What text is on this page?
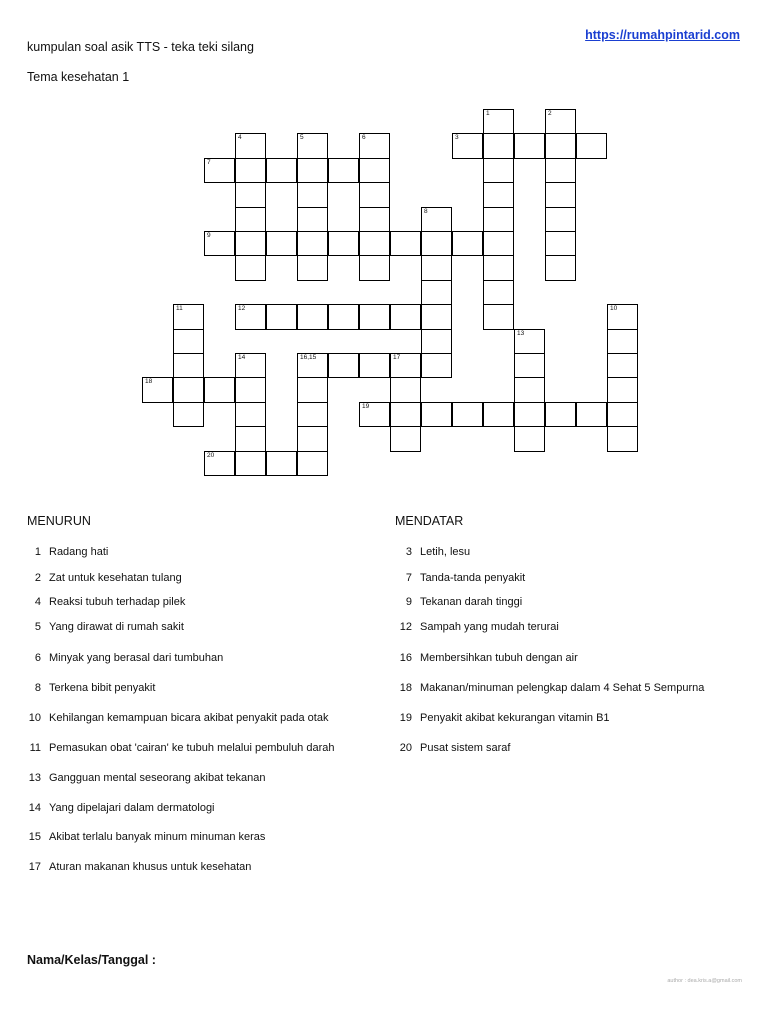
https://rumahpintarid.com
kumpulan soal asik TTS - teka teki silang
Tema kesehatan 1
1	2
4	5	6	3
7
8
9
11	12	10
13
14	16,15	17
18
19
20
MENURUN	MENDATAR
1 Radang hati
2 Zat untuk kesehatan tulang
4 Reaksi tubuh terhadap pilek
5 Yang dirawat di rumah sakit
6 Minyak yang berasal dari tumbuhan
8 Terkena bibit penyakit
10 Kehilangan kemampuan bicara akibat penyakit pada otak
11 Pemasukan obat 'cairan' ke tubuh melalui pembuluh darah
13 Gangguan mental seseorang akibat tekanan
14 Yang dipelajari dalam dermatologi
15 Akibat terlalu banyak minum minuman keras
17 Aturan makanan khusus untuk kesehatan
3 Letih, lesu
7 Tanda-tanda penyakit
9 Tekanan darah tinggi
12 Sampah yang mudah terurai
16 Membersihkan tubuh dengan air
18 Makanan/minuman pelengkap dalam 4 Sehat 5 Sempurna
19 Penyakit akibat kekurangan vitamin B1
20 Pusat sistem saraf
Nama/Kelas/Tanggal :
author : dea.kris.a@gmail.com
